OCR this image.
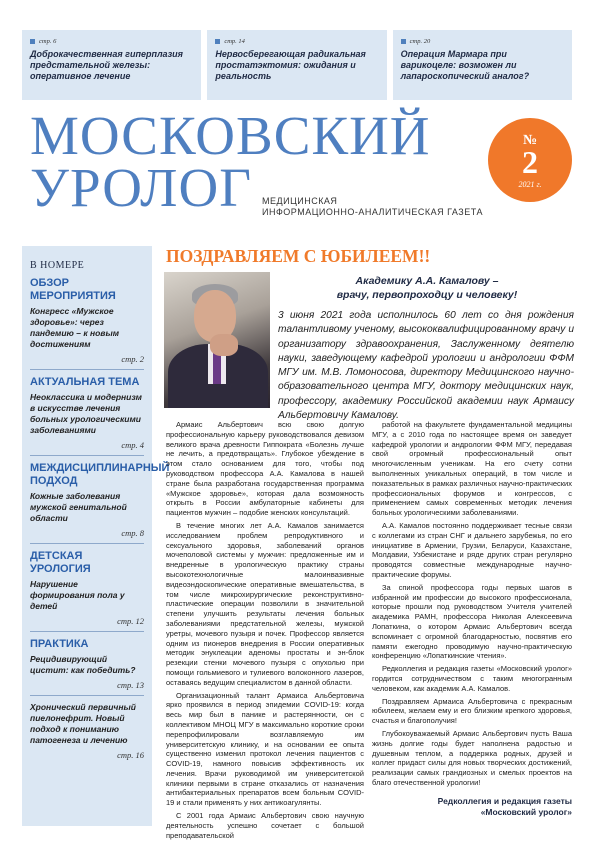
стр. 6
Доброкачественная гиперплазия предстательной железы: оперативное лечение
стр. 14
Нервосберегающая радикальная простатэктомия: ожидания и реальность
стр. 20
Операция Мармара при варикоцеле: возможен ли лапароскопический аналог?
МОСКОВСКИЙ
УРОЛОГ МЕДИЦИНСКАЯ
ИНФОРМАЦИОННО-АНАЛИТИЧЕСКАЯ ГАЗЕТА
№
2
2021 г.
В НОМЕРЕ
ОБЗОР МЕРОПРИЯТИЯ
Конгресс «Мужское здоровье»: через пандемию – к новым достижениям
стр. 2
АКТУАЛЬНАЯ ТЕМА
Неоклассика и модернизм в искусстве лечения больных урологическими заболеваниями
стр. 4
МЕЖДИСЦИПЛИНАРНЫЙ ПОДХОД
Кожные заболевания мужской генитальной области
стр. 8
ДЕТСКАЯ УРОЛОГИЯ
Нарушение формирования пола у детей
стр. 12
ПРАКТИКА
Рецидивирующий цистит: как победить?
стр. 13
Хронический первичный пиелонефрит. Новый подход к пониманию патогенеза и лечению
стр. 16
ПОЗДРАВЛЯЕМ С ЮБИЛЕЕМ!!
Академику А.А. Камалову –
врачу, первопроходцу и человеку!
3 июня 2021 года исполнилось 60 лет со дня рождения талантливому ученому, высококвалифицированному врачу и организатору здравоохранения, Заслуженному деятелю науки, заведующему кафедрой урологии и андрологии ФФМ МГУ им. М.В. Ломоносова, директору Медицинского научно-образовательного центра МГУ, доктору медицинских наук, профессору, академику Российской академии наук Армаису Альбертовичу Камалову.

Армаис Альбертович всю свою долгую профессиональную карьеру руководствовался девизом великого врача древности Гиппократа «Болезнь лучше не лечить, а предотвращать». Глубокое убеждение в этом стало основанием для того, чтобы под руководством профессора А.А. Камалова в нашей стране была разработана государственная программа «Мужское здоровье», которая дала возможность открыть в России амбулаторные кабинеты для пациентов мужчин – подобие женских консультаций.

В течение многих лет А.А. Камалов занимается исследованием проблем репродуктивного и сексуального здоровья, заболеваний органов мочеполовой системы у мужчин: предложенные им и внедренные в урологическую практику страны высокотехнологичные малоинвазивные видеоэндоскопические оперативные вмешательства, в том числе микрохирургические реконструктивно-пластические операции позволили в значительной степени улучшить результаты лечения больных заболеваниями предстательной железы, мужской уретры, мочевого пузыря и почек. Профессор является одним из пионеров внедрения в России оперативных методик энуклеации аденомы простаты и эн-блок резекции стенки мочевого пузыря с опухолью при помощи гольмиевого и тулиевого волоконного лазеров, оставаясь ведущим специалистом в данной области.

Организационный талант Армаиса Альбертовича ярко проявился в период эпидемии COVID-19: когда весь мир был в панике и растерянности, он с коллективом МНОЦ МГУ в максимально короткие сроки перепрофилировали возглавляемую им университетскую клинику, и на основании ее опыта существенно изменил протокол лечения пациентов с COVID-19, намного повысив эффективность их лечения. Врачи руководимой им университетской клиники первыми в стране отказались от назначения антибактериальных препаратов всем больным COVID-19 и стали применять у них антикоагулянты.

С 2001 года Армаис Альбертович свою научную деятельность успешно сочетает с большой преподавательской

работой на факультете фундаментальной медицины МГУ, а с 2010 года по настоящее время он заведует кафедрой урологии и андрологии ФФМ МГУ, передавая свой огромный профессиональный опыт многочисленным ученикам. На его счету сотни выполненных уникальных операций, в том числе и показательных в рамках различных научно-практических профессиональных форумов и конгрессов, с применением самых современных методик лечения больных урологическими заболеваниями.

А.А. Камалов постоянно поддерживает тесные связи с коллегами из стран СНГ и дальнего зарубежья, по его инициативе в Армении, Грузии, Беларуси, Казахстане, Молдавии, Узбекистане и ряде других стран регулярно проводятся совместные международные научно-практические форумы.

За спиной профессора годы первых шагов в избранной им профессии до высокого профессионала, которые прошли под руководством Учителя учителей академика РАМН, профессора Николая Алексеевича Лопаткина, о котором Армаис Альбертович всегда вспоминает с огромной благодарностью, посвятив его памяти ежегодно проводимую научно-практическую конференцию «Лопаткинские чтения».

Редколлегия и редакция газеты «Московский уролог» гордится сотрудничеством с таким многогранным человеком, как академик А.А. Камалов.

Поздравляем Армаиса Альбертовича с прекрасным юбилеем, желаем ему и его близким крепкого здоровья, счастья и благополучия!

Глубокоуважаемый Армаис Альбертович пусть Ваша жизнь долгие годы будет наполнена радостью и душевным теплом, а поддержка родных, друзей и коллег придаст силы для новых творческих достижений, реализации самых грандиозных и смелых проектов на благо отечественной урологии!

Редколлегия и редакция газеты
«Московский уролог»
